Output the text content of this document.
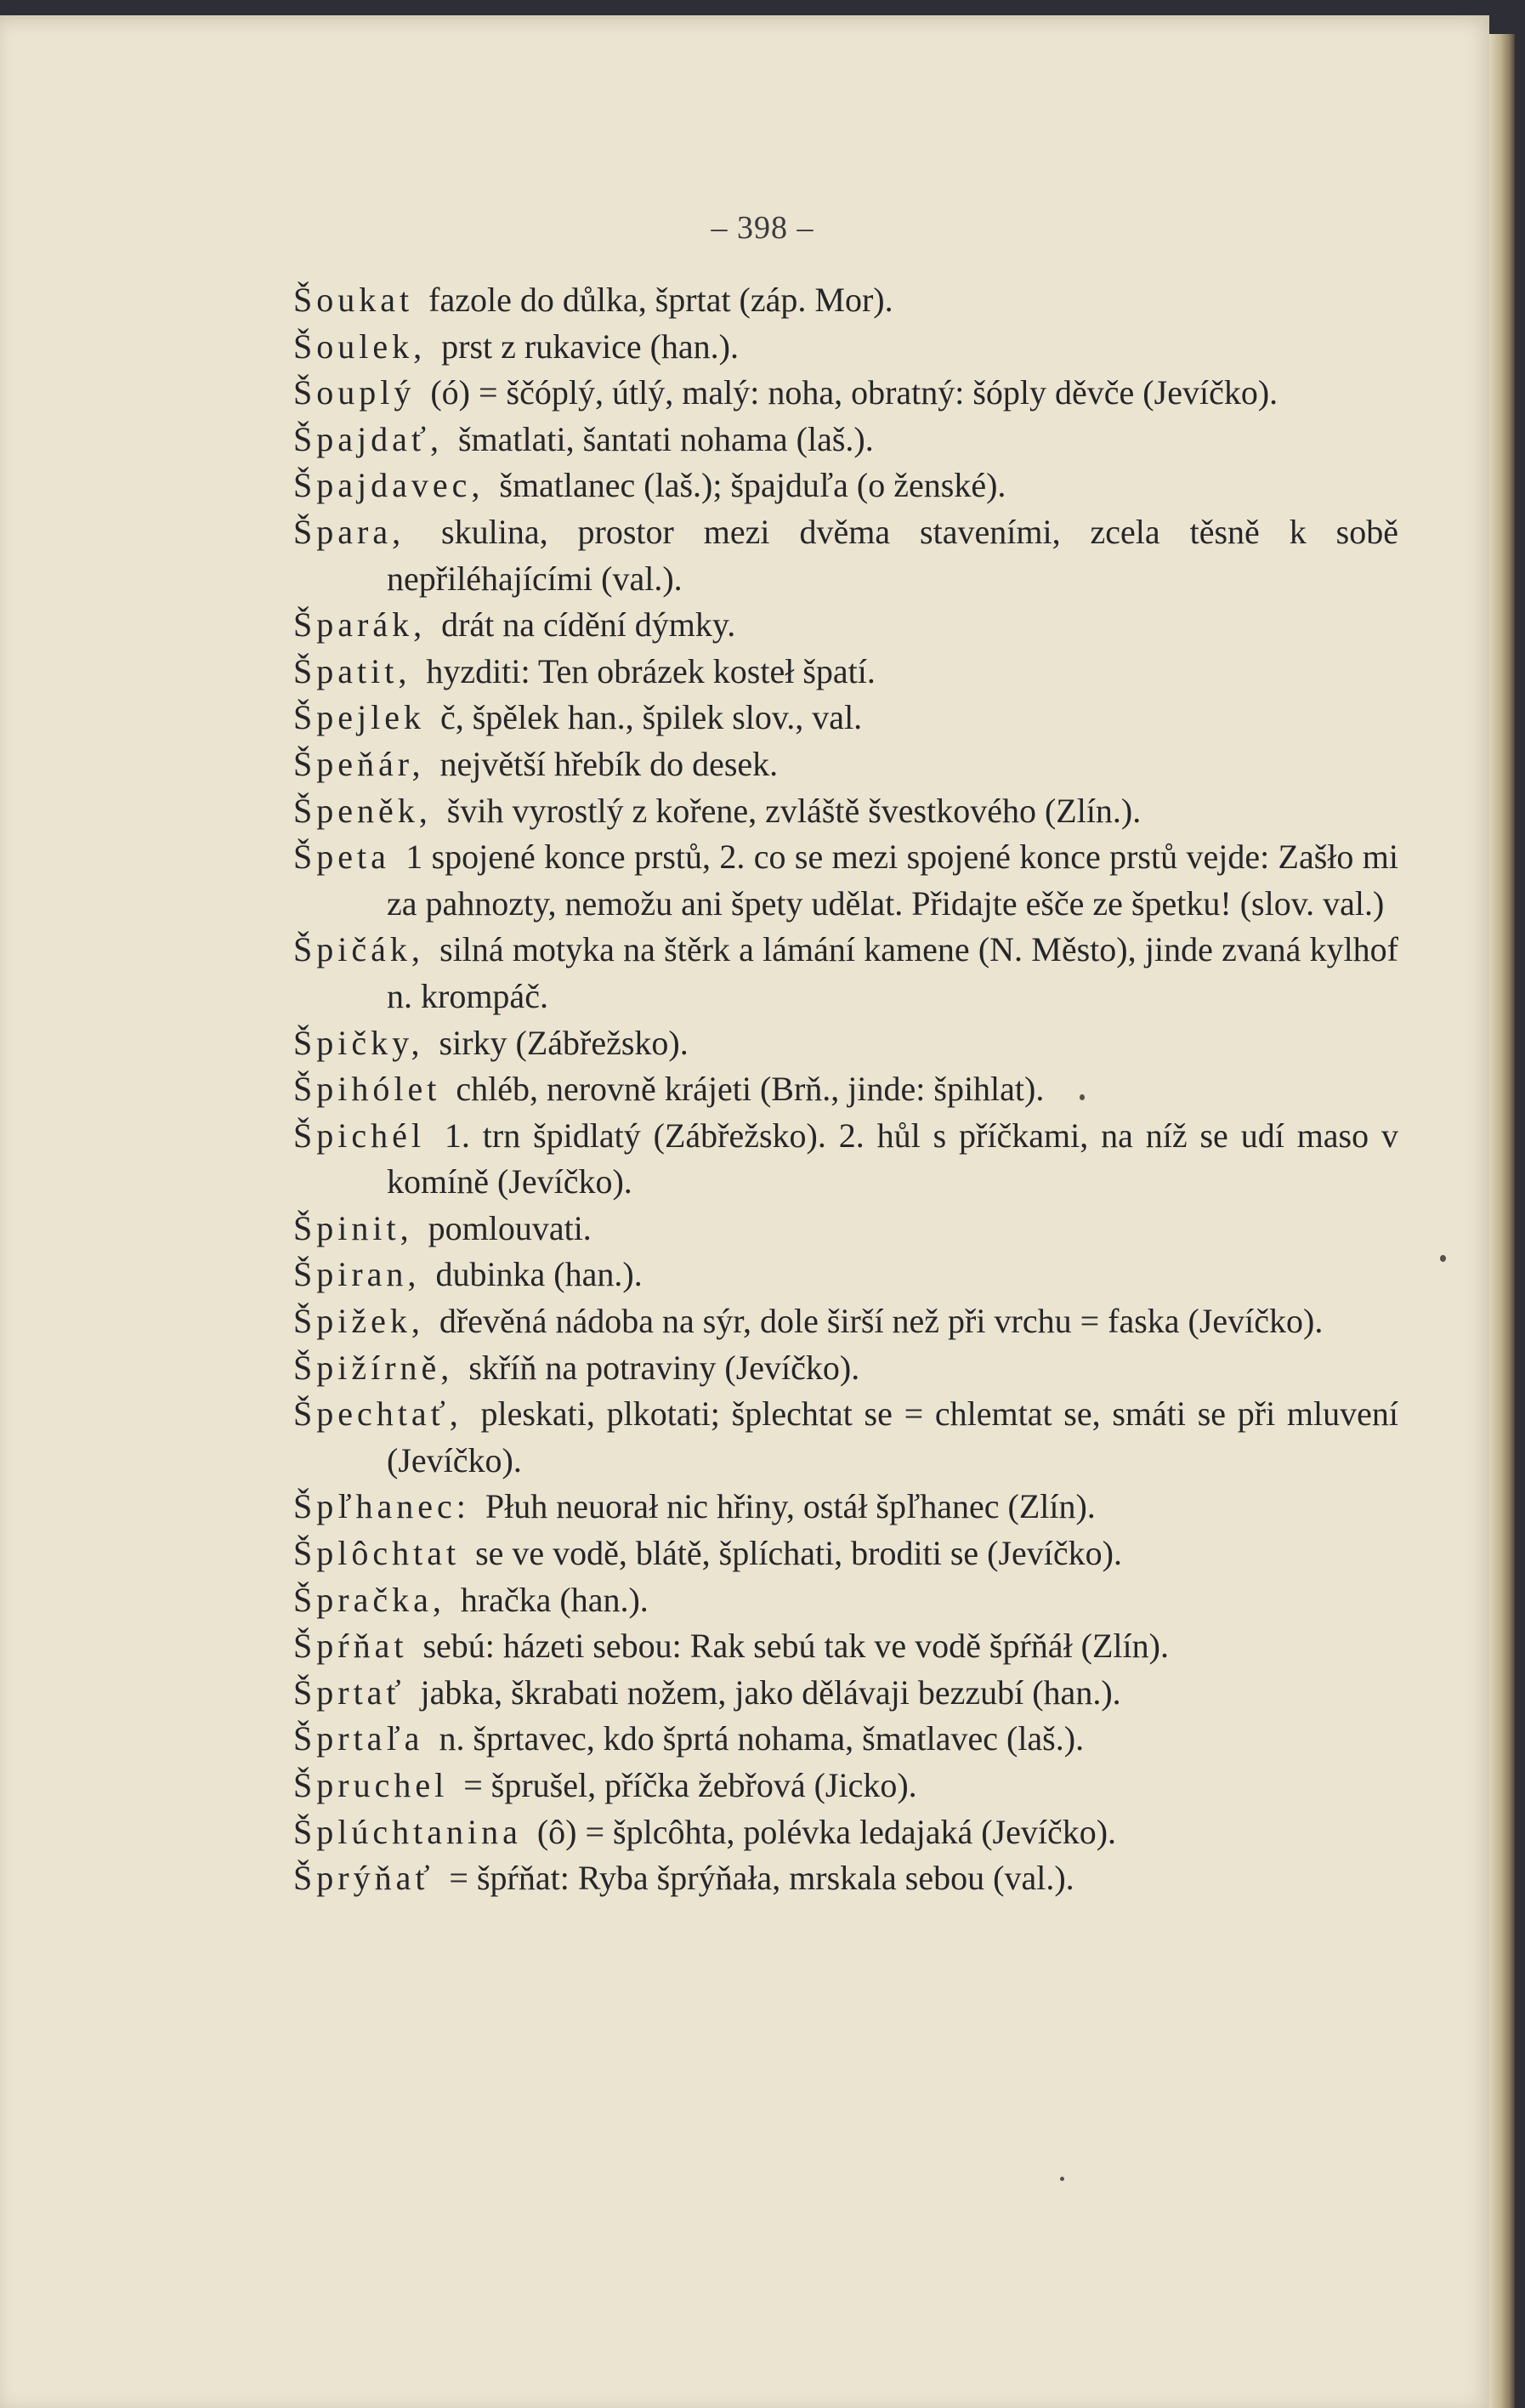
– 398 –

Šoukat fazole do důlka, šprtat (záp. Mor).

Šoulek, prst z rukavice (han.).

Šouplý (ó) = ščóplý, útlý, malý: noha, obratný: šóply děvče (Jevíčko).

Špajdať, šmatlati, šantati nohama (laš.).

Špajdavec, šmatlanec (laš.); špajduľa (o ženské).

Špara, skulina, prostor mezi dvěma staveními, zcela těsně k sobě nepřiléhajícími (val.).

Šparák, drát na cídění dýmky.

Špatit, hyzditi: Ten obrázek kosteł špatí.

Špejlek č, špělek han., špilek slov., val.

Špeňár, největší hřebík do desek.

Špeněk, švih vyrostlý z kořene, zvláště švestkového (Zlín.).

Špeta 1 spojené konce prstů, 2. co se mezi spojené konce prstů vejde: Zašło mi za pahnozty, nemožu ani špety udělat. Přidajte ešče ze špetku! (slov. val.)

Špičák, silná motyka na štěrk a lámání kamene (N. Město), jinde zvaná kylhof n. krompáč.

Špičky, sirky (Zábřežsko).

Špihólet chléb, nerovně krájeti (Brň., jinde: špihlat).

Špichél 1. trn špidlatý (Zábřežsko). 2. hůl s příčkami, na níž se udí maso v komíně (Jevíčko).

Špinit, pomlouvati.

Špiran, dubinka (han.).

Špižek, dřevěná nádoba na sýr, dole širší než při vrchu = faska (Jevíčko).

Špižírně, skříň na potraviny (Jevíčko).

Špechtať, pleskati, plkotati; šplechtat se = chlemtat se, smáti se při mluvení (Jevíčko).

Špľhanec: Płuh neuorał nic hřiny, ostáł špľhanec (Zlín).

Šplôchtat se ve vodě, blátě, šplíchati, broditi se (Jevíčko).

Špračka, hračka (han.).

Špŕňat sebú: házeti sebou: Rak sebú tak ve vodě špŕňáł (Zlín).

Šprtať jabka, škrabati nožem, jako dělávaji bezzubí (han.).

Šprtaľa n. šprtavec, kdo šprtá nohama, šmatlavec (laš.).

Špruchel = šprušel, příčka žebřová (Jicko).

Šplúchtanina (ô) = šplcôhta, polévka ledajaká (Jevíčko).

Šprýňať = špŕňat: Ryba šprýňała, mrskala sebou (val.).
